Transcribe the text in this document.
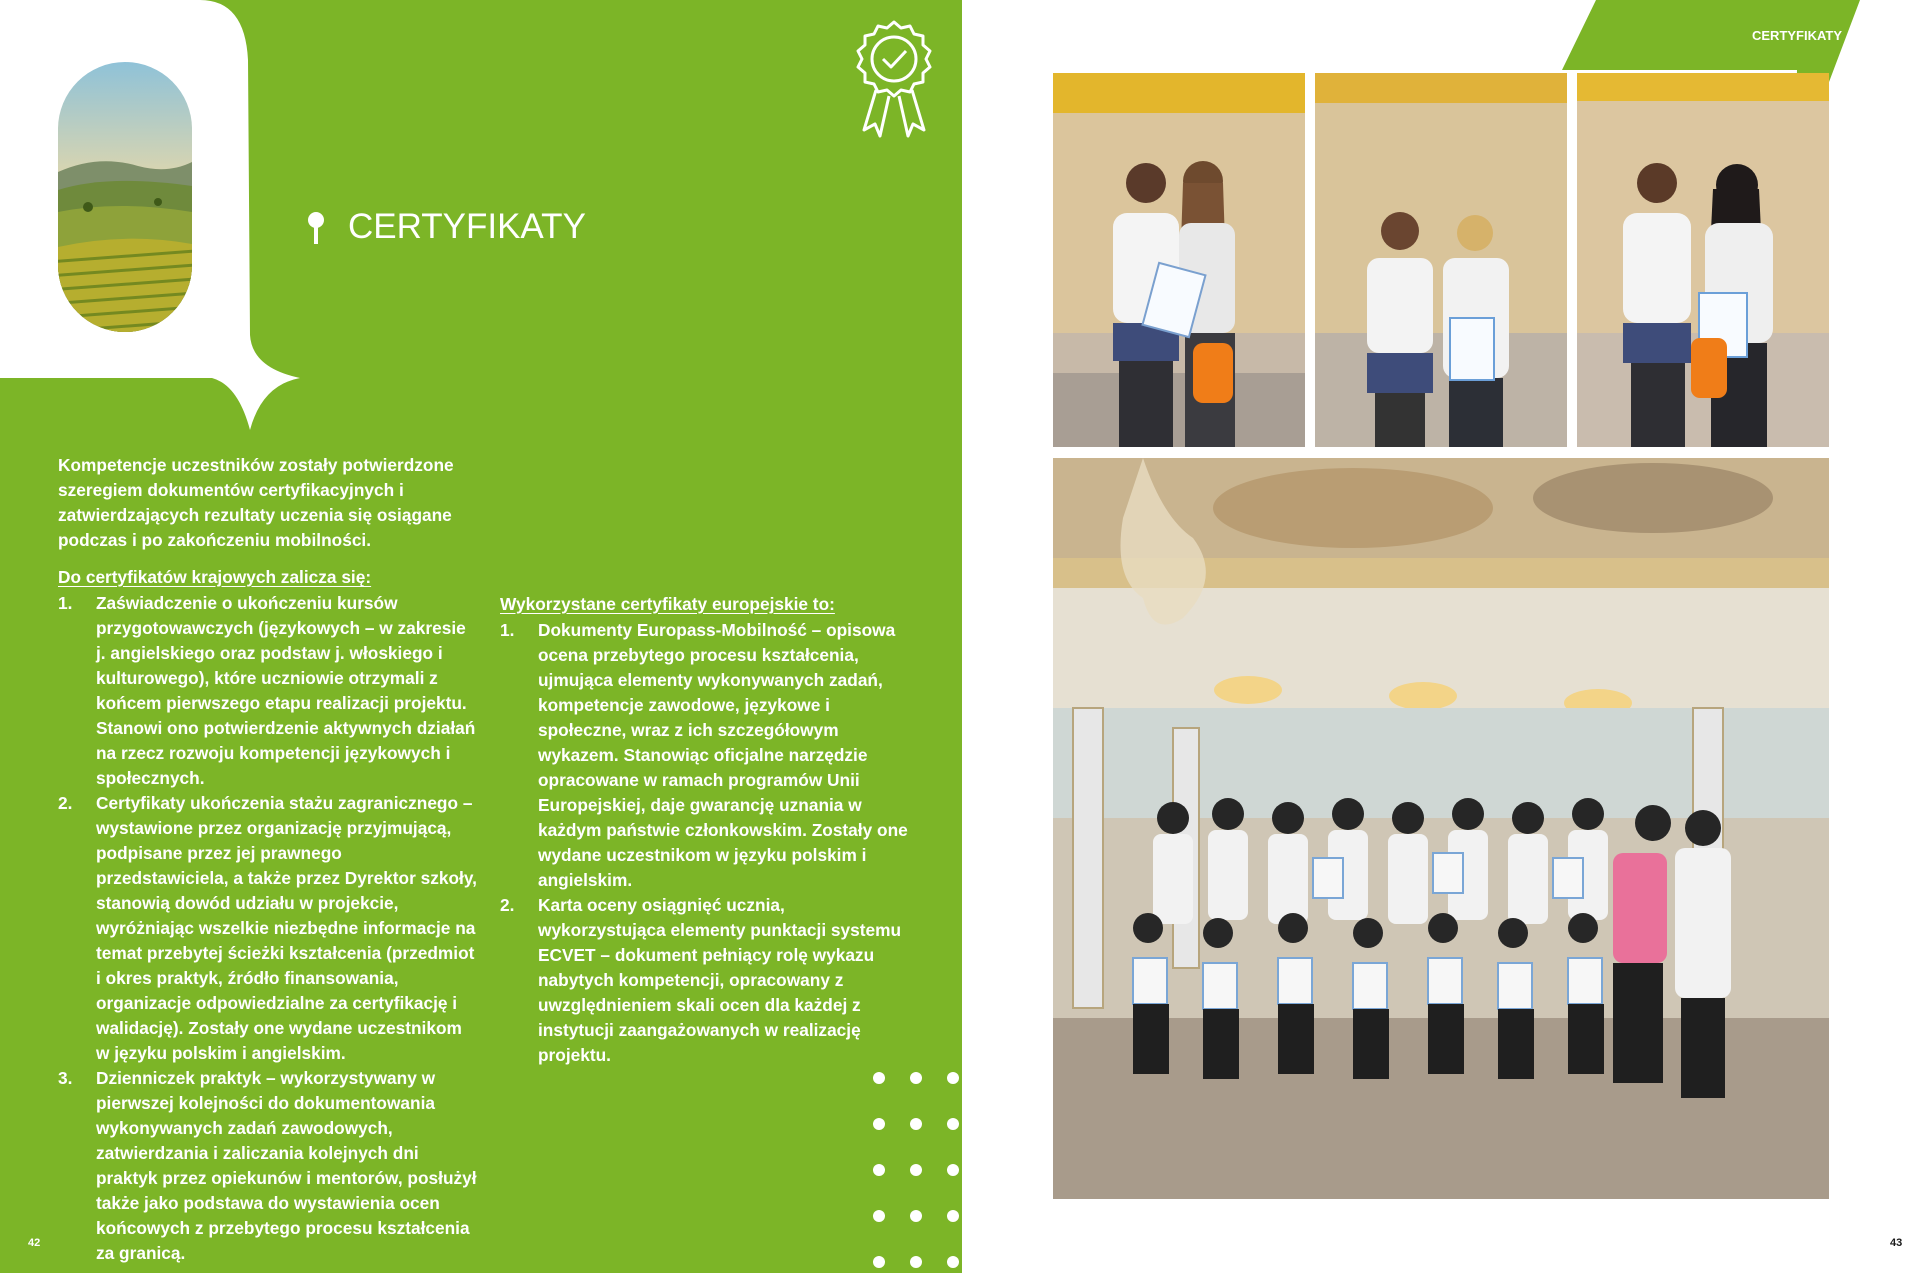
CERTYFIKATY

Kompetencje uczestników zostały potwierdzone szeregiem dokumentów certyfikacyjnych i zatwierdzających rezultaty uczenia się osiągane podczas i po zakończeniu mobilności.

Do certyfikatów krajowych zalicza się:

1. Zaświadczenie o ukończeniu kursów przygotowawczych (językowych – w zakresie j. angielskiego oraz podstaw j. włoskiego i kulturowego), które uczniowie otrzymali z końcem pierwszego etapu realizacji projektu. Stanowi ono potwierdzenie aktywnych działań na rzecz rozwoju kompetencji językowych i społecznych.
2. Certyfikaty ukończenia stażu zagranicznego – wystawione przez organizację przyjmującą, podpisane przez jej prawnego przedstawiciela, a także przez Dyrektor szkoły, stanowią dowód udziału w projekcie, wyróżniając wszelkie niezbędne informacje na temat przebytej ścieżki kształcenia (przedmiot i okres praktyk, źródło finansowania, organizacje odpowiedzialne za certyfikację i walidację). Zostały one wydane uczestnikom w języku polskim i angielskim.
3. Dzienniczek praktyk – wykorzystywany w pierwszej kolejności do dokumentowania wykonywanych zadań zawodowych, zatwierdzania i zaliczania kolejnych dni praktyk przez opiekunów i mentorów, posłużył także jako podstawa do wystawienia ocen końcowych z przebytego procesu kształcenia za granicą.

Wykorzystane certyfikaty europejskie to:

1. Dokumenty Europass-Mobilność – opisowa ocena przebytego procesu kształcenia, ujmująca elementy wykonywanych zadań, kompetencje zawodowe, językowe i społeczne, wraz z ich szczegółowym wykazem. Stanowiąc oficjalne narzędzie opracowane w ramach programów Unii Europejskiej, daje gwarancję uznania w każdym państwie członkowskim. Zostały one wydane uczestnikom w języku polskim i angielskim.
2. Karta oceny osiągnięć ucznia, wykorzystująca elementy punktacji systemu ECVET – dokument pełniący rolę wykazu nabytych kompetencji, opracowany z uwzględnieniem skali ocen dla każdej z instytucji zaangażowanych w realizację projektu.
42
CERTYFIKATY
43
